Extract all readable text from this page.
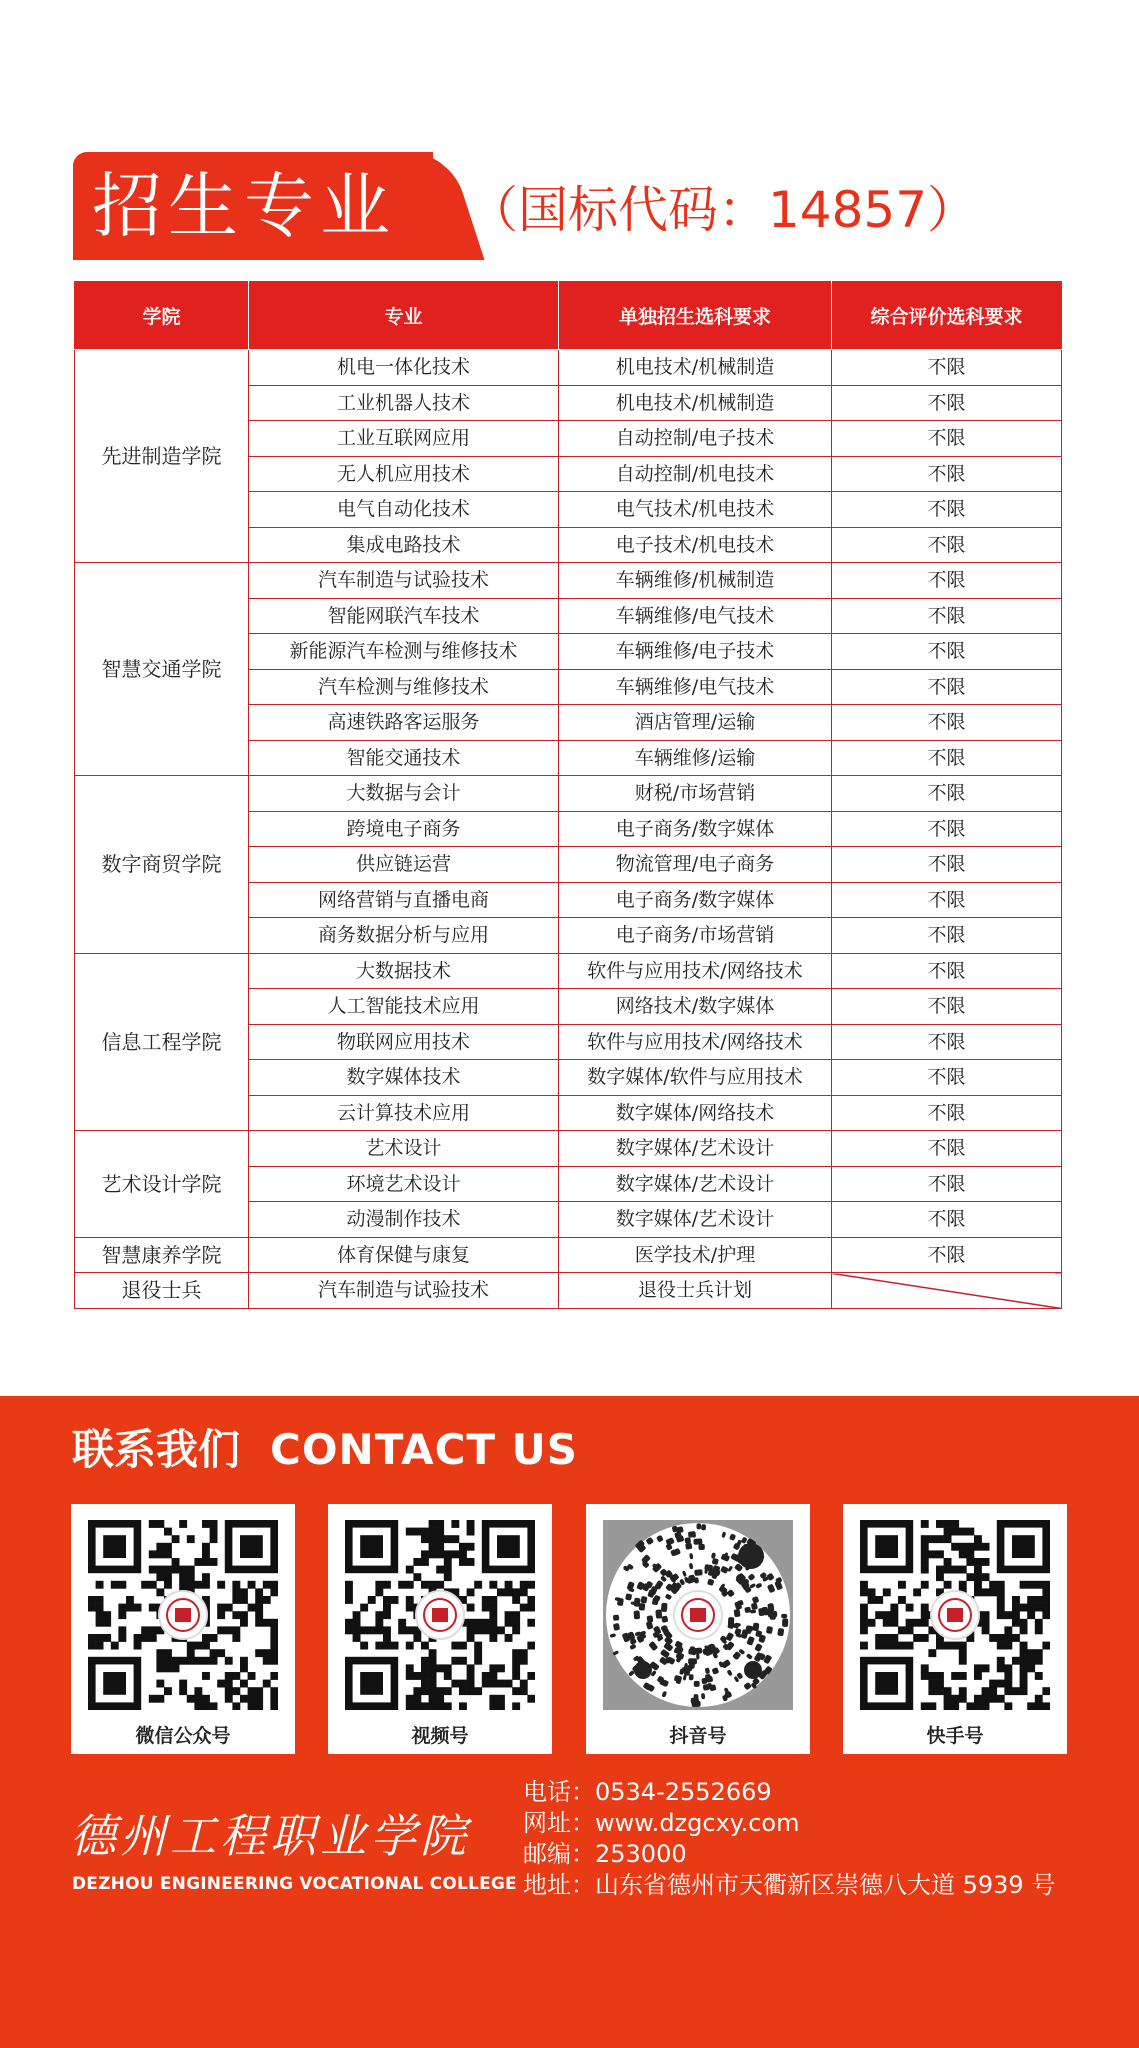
招生专业 （国标代码：14857）
学院	专业	单独招生选科要求	综合评价选科要求
先进制造学院	机电一体化技术	机电技术/机械制造	不限
	工业机器人技术	机电技术/机械制造	不限
	工业互联网应用	自动控制/电子技术	不限
	无人机应用技术	自动控制/机电技术	不限
	电气自动化技术	电气技术/机电技术	不限
	集成电路技术	电子技术/机电技术	不限
智慧交通学院	汽车制造与试验技术	车辆维修/机械制造	不限
	智能网联汽车技术	车辆维修/电气技术	不限
	新能源汽车检测与维修技术	车辆维修/电子技术	不限
	汽车检测与维修技术	车辆维修/电气技术	不限
	高速铁路客运服务	酒店管理/运输	不限
	智能交通技术	车辆维修/运输	不限
数字商贸学院	大数据与会计	财税/市场营销	不限
	跨境电子商务	电子商务/数字媒体	不限
	供应链运营	物流管理/电子商务	不限
	网络营销与直播电商	电子商务/数字媒体	不限
	商务数据分析与应用	电子商务/市场营销	不限
信息工程学院	大数据技术	软件与应用技术/网络技术	不限
	人工智能技术应用	网络技术/数字媒体	不限
	物联网应用技术	软件与应用技术/网络技术	不限
	数字媒体技术	数字媒体/软件与应用技术	不限
	云计算技术应用	数字媒体/网络技术	不限
艺术设计学院	艺术设计	数字媒体/艺术设计	不限
	环境艺术设计	数字媒体/艺术设计	不限
	动漫制作技术	数字媒体/艺术设计	不限
智慧康养学院	体育保健与康复	医学技术/护理	不限
退役士兵	汽车制造与试验技术	退役士兵计划	
联系我们 CONTACT US
微信公众号	视频号	抖音号	快手号
德州工程职业学院
DEZHOU ENGINEERING VOCATIONAL COLLEGE
电话：0534-2552669
网址：www.dzgcxy.com
邮编：253000
地址：山东省德州市天衢新区崇德八大道 5939 号
